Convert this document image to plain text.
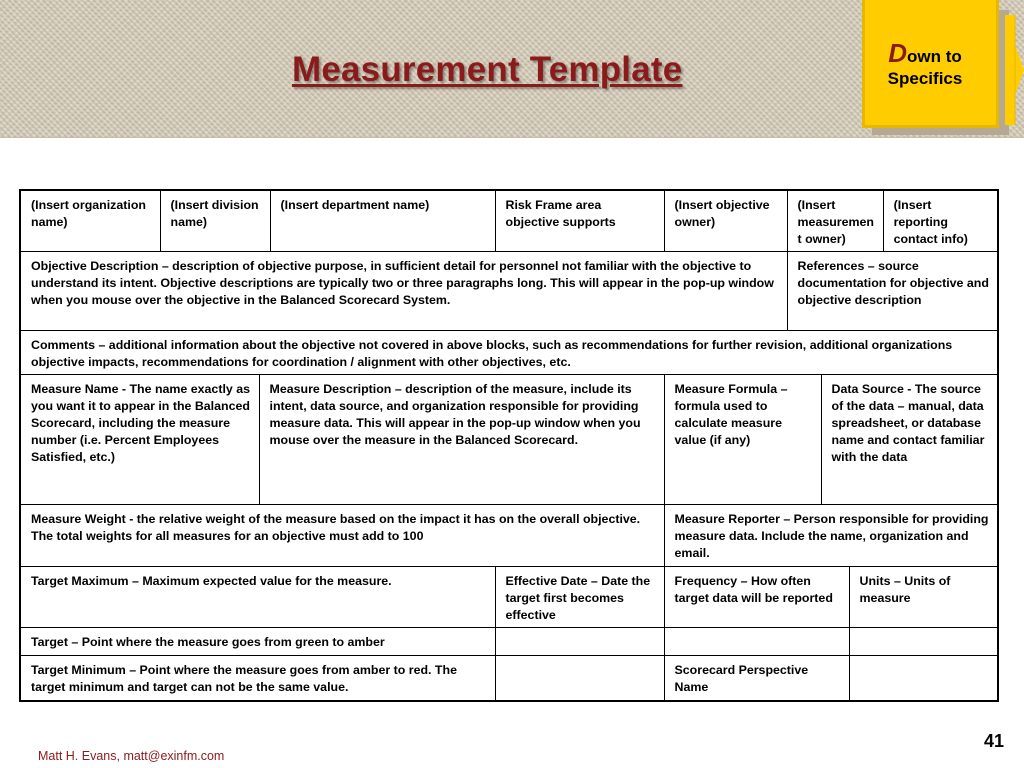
Measurement Template	Down to
Specifics
(Insert organization name)	(Insert division name)		(Insert department name)	Risk Frame area objective supports	(Insert objective owner)	(Insert measurement owner)			(Insert reporting contact info)
Objective Description – description of objective purpose, in sufficient detail for personnel not familiar with the objective to understand its intent. Objective descriptions are typically two or three paragraphs long. This will appear in the pop-up window when you mouse over the objective in the Balanced Scorecard System.						References – source documentation for objective and objective description			
Comments – additional information about the objective not covered in above blocks, such as recommendations for further revision, additional organizations objective impacts, recommendations for coordination / alignment with other objectives, etc.									
Measure Name - The name exactly as you want it to appear in the Balanced Scorecard, including the measure number (i.e. Percent Employees Satisfied, etc.)		Measure Description – description of the measure, include its intent, data source, and organization responsible for providing measure data. This will appear in the pop-up window when you mouse over the measure in the Balanced Scorecard.			Measure Formula – formula used to calculate measure value (if any)		Data Source - The source of the data – manual, data spreadsheet, or database name and contact familiar with the data		
Measure Weight - the relative weight of the measure based on the impact it has on the overall objective. The total weights for all measures for an objective must add to 100					Measure Reporter – Person responsible for providing measure data. Include the name, organization and email.				
Target Maximum – Maximum expected value for the measure.				Effective Date – Date the target first becomes effective	Frequency – How often target data will be reported			Units – Units of measure	
Target – Point where the measure goes from green to amber									
Target Minimum – Point where the measure goes from amber to red. The target minimum and target can not be the same value.					Scorecard Perspective Name				
Matt H. Evans, matt@exinfm.com
41
